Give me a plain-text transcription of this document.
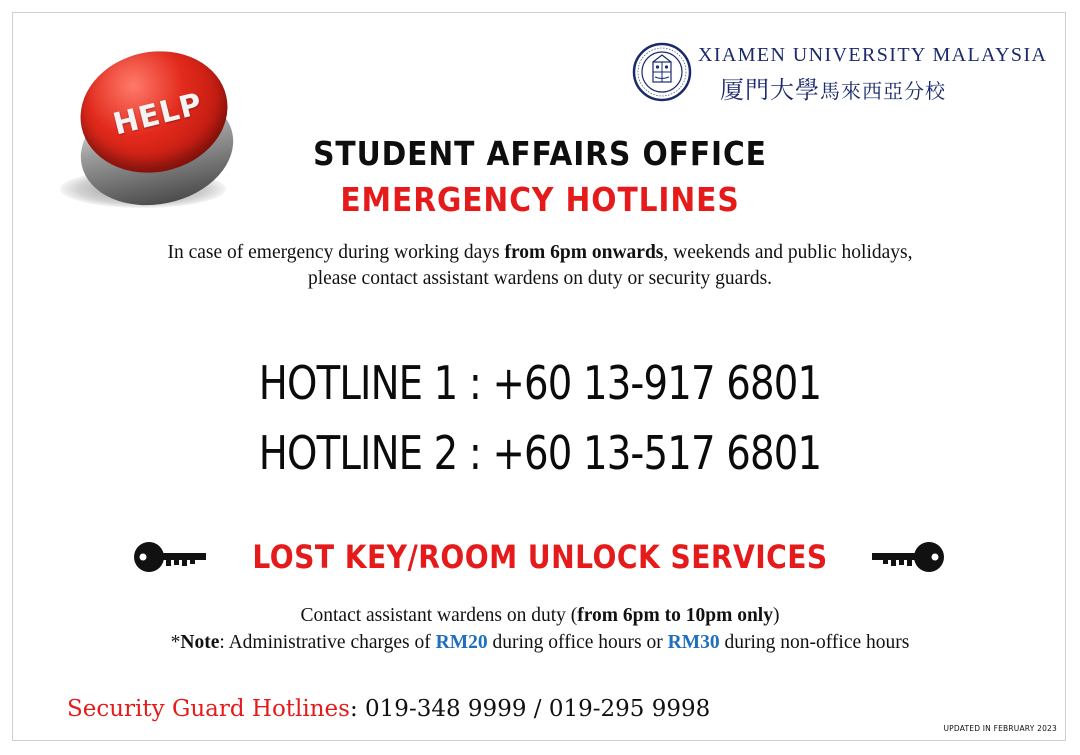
HELP
XIAMEN UNIVERSITY MALAYSIA
厦門大學馬來西亞分校
STUDENT AFFAIRS OFFICE
EMERGENCY HOTLINES
In case of emergency during working days from 6pm onwards, weekends and public holidays,
please contact assistant wardens on duty or security guards.
HOTLINE 1 : +60 13-917 6801
HOTLINE 2 : +60 13-517 6801
LOST KEY/ROOM UNLOCK SERVICES
Contact assistant wardens on duty (from 6pm to 10pm only)
*Note: Administrative charges of RM20 during office hours or RM30 during non-office hours
Security Guard Hotlines: 019-348 9999 / 019-295 9998
UPDATED IN FEBRUARY 2023
